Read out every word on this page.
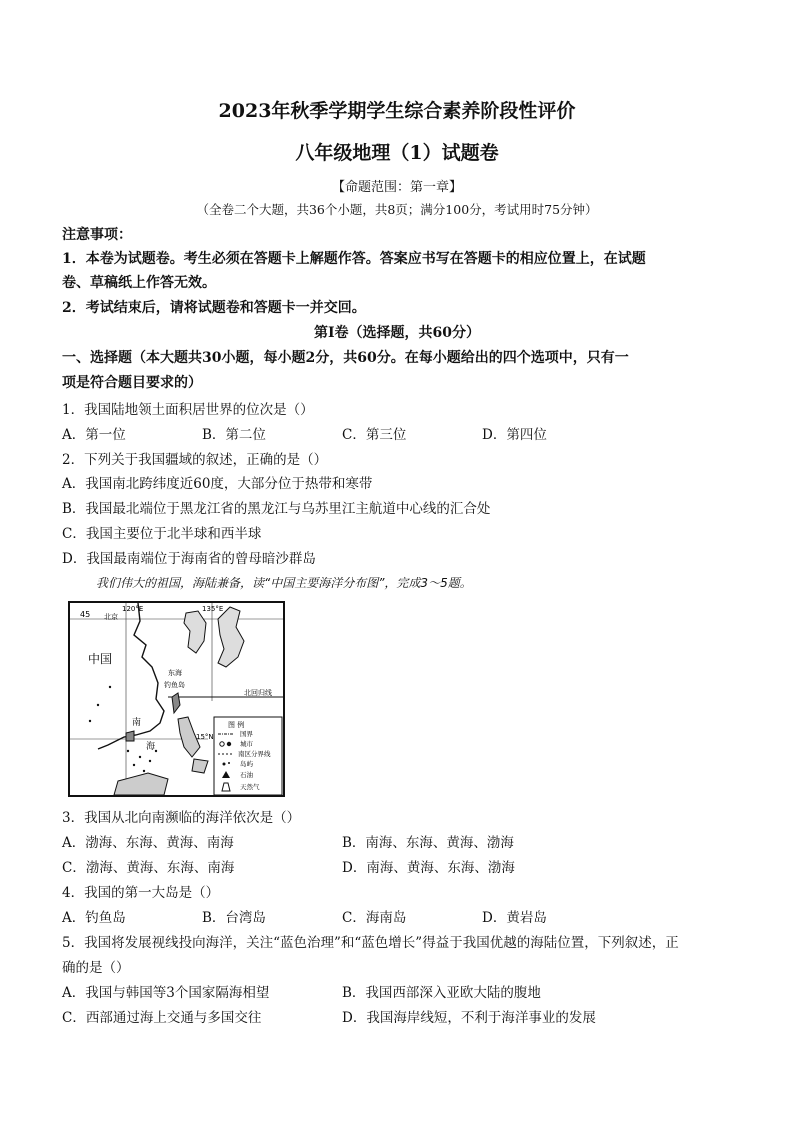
2023年秋季学期学生综合素养阶段性评价
八年级地理（1）试题卷
【命题范围：第一章】
（全卷二个大题，共36个小题，共8页；满分100分，考试用时75分钟）
注意事项：
1．本卷为试题卷。考生必须在答题卡上解题作答。答案应书写在答题卡的相应位置上，在试题
卷、草稿纸上作答无效。
2．考试结束后，请将试题卷和答题卡一并交回。
第Ⅰ卷（选择题，共60分）
一、选择题（本大题共30小题，每小题2分，共60分。在每小题给出的四个选项中，只有一
项是符合题目要求的）
1．我国陆地领土面积居世界的位次是（）
A．第一位	B．第二位	C．第三位	D．第四位
2．下列关于我国疆域的叙述，正确的是（）
A．我国南北跨纬度近60度，大部分位于热带和寒带
B．我国最北端位于黑龙江省的黑龙江与乌苏里江主航道中心线的汇合处
C．我国主要位于北半球和西半球
D．我国最南端位于海南省的曾母暗沙群岛
我们伟大的祖国，海陆兼备，读“中国主要海洋分布图”，完成3～5题。
45
120°E	135°E
北京
中国
东海
钓鱼岛
北回归线
南
海
15°N
图 例
国界
城市
南区分界线
岛屿
石油
天然气
3．我国从北向南濒临的海洋依次是（）
A．渤海、东海、黄海、南海	B．南海、东海、黄海、渤海
C．渤海、黄海、东海、南海	D．南海、黄海、东海、渤海
4．我国的第一大岛是（）
A．钓鱼岛	B．台湾岛	C．海南岛	D．黄岩岛
5．我国将发展视线投向海洋，关注“蓝色治理”和“蓝色增长”得益于我国优越的海陆位置，下列叙述，正
确的是（）
A．我国与韩国等3个国家隔海相望	B．我国西部深入亚欧大陆的腹地
C．西部通过海上交通与多国交往	D．我国海岸线短，不利于海洋事业的发展
